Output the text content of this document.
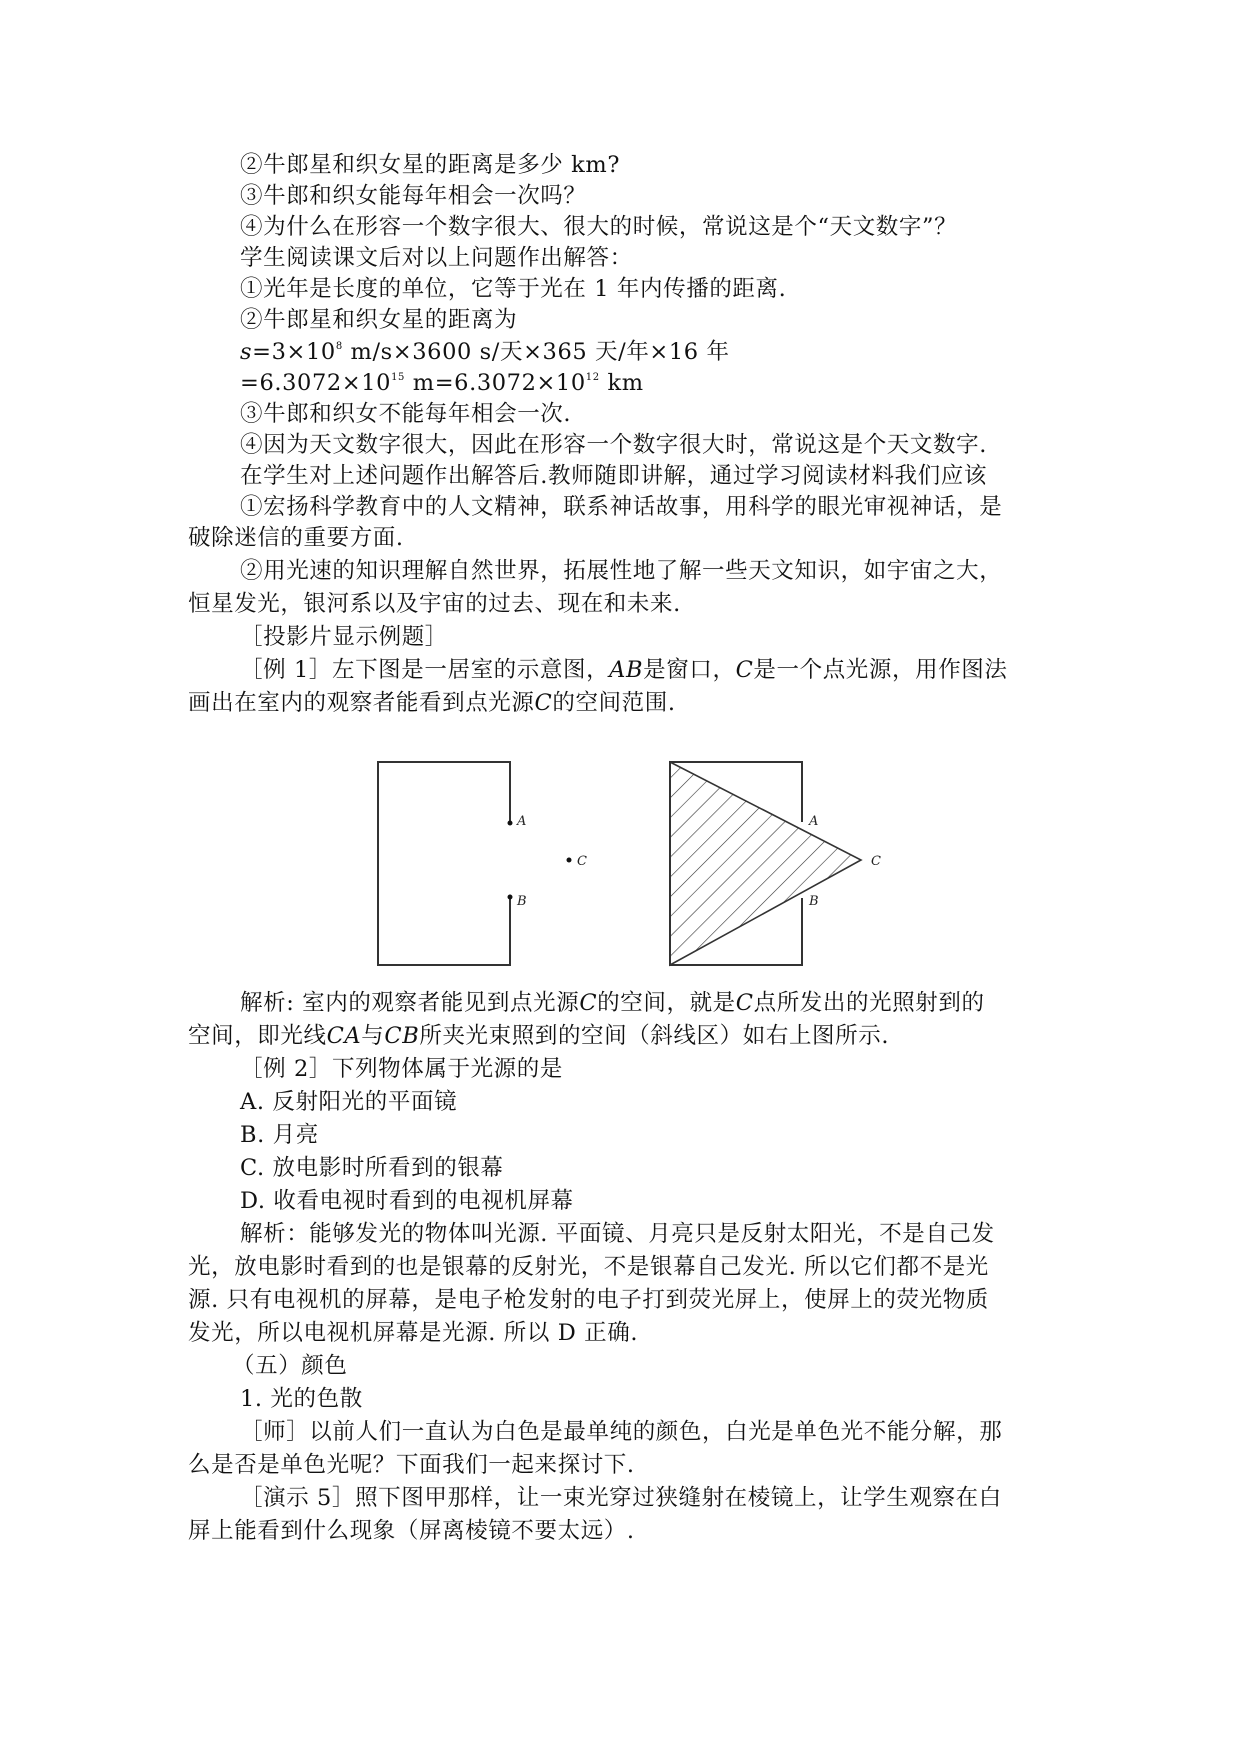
②牛郎星和织女星的距离是多少 km?
③牛郎和织女能每年相会一次吗？
④为什么在形容一个数字很大、很大的时候，常说这是个“天文数字”？
学生阅读课文后对以上问题作出解答：
①光年是长度的单位，它等于光在 1 年内传播的距离.
②牛郎星和织女星的距离为
$s=3\times 10^8$ m/s×3600 s/天×365 天/年×16 年
$=6.3072\times 10^{15}$ $m=6.3072\times 10^{12}$ km
③牛郎和织女不能每年相会一次.
④因为天文数字很大，因此在形容一个数字很大时，常说这是个天文数字.
在学生对上述问题作出解答后.教师随即讲解，通过学习阅读材料我们应该
①宏扬科学教育中的人文精神，联系神话故事，用科学的眼光审视神话，是
破除迷信的重要方面.
②用光速的知识理解自然世界，拓展性地了解一些天文知识，如宇宙之大，
恒星发光，银河系以及宇宙的过去、现在和未来.
［投影片显示例题］
［例 1］左下图是一居室的示意图，AB是窗口，C是一个点光源，用作图法
画出在室内的观察者能看到点光源C的空间范围.
A
B
C
A
B
C
解析: 室内的观察者能见到点光源C的空间，就是C点所发出的光照射到的
空间，即光线CA与CB所夹光束照到的空间（斜线区）如右上图所示.
［例 2］下列物体属于光源的是
A. 反射阳光的平面镜
B. 月亮
C. 放电影时所看到的银幕
D. 收看电视时看到的电视机屏幕
解析：能够发光的物体叫光源. 平面镜、月亮只是反射太阳光，不是自己发
光，放电影时看到的也是银幕的反射光，不是银幕自己发光. 所以它们都不是光
源. 只有电视机的屏幕，是电子枪发射的电子打到荧光屏上，使屏上的荧光物质
发光，所以电视机屏幕是光源. 所以 D 正确.
（五）颜色
1. 光的色散
［师］以前人们一直认为白色是最单纯的颜色，白光是单色光不能分解，那
么是否是单色光呢？下面我们一起来探讨下.
［演示 5］照下图甲那样，让一束光穿过狭缝射在棱镜上，让学生观察在白
屏上能看到什么现象（屏离棱镜不要太远）.
